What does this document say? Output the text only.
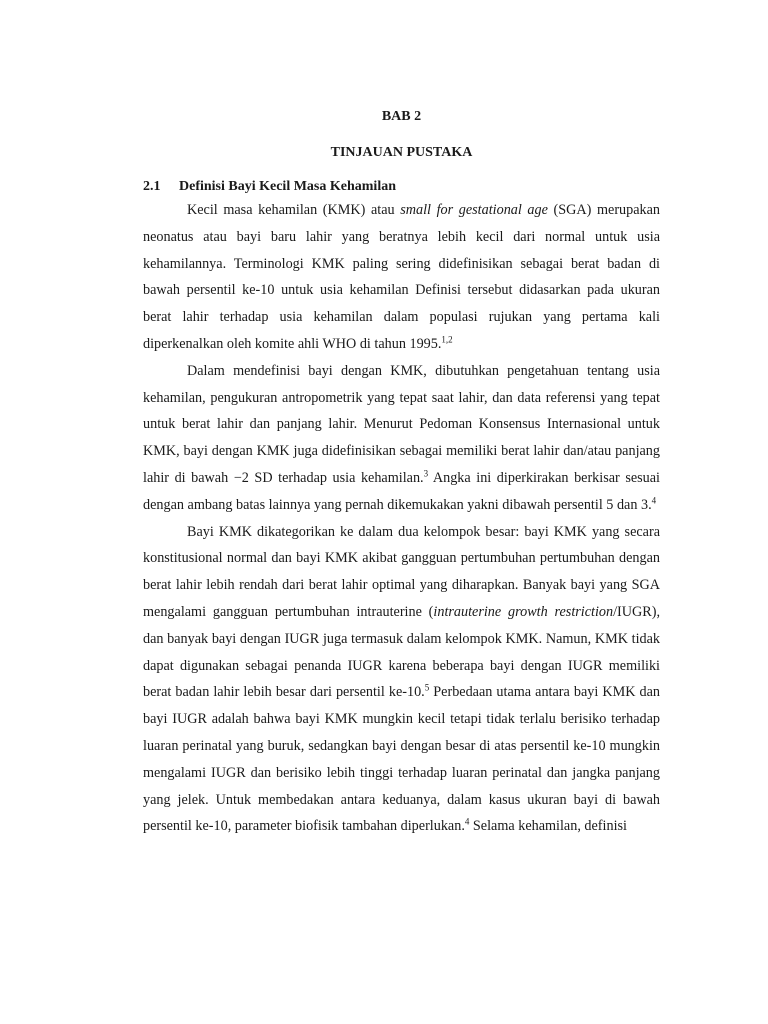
BAB 2

TINJAUAN PUSTAKA

2.1	Definisi Bayi Kecil Masa Kehamilan

Kecil masa kehamilan (KMK) atau small for gestational age (SGA) merupakan neonatus atau bayi baru lahir yang beratnya lebih kecil dari normal untuk usia kehamilannya. Terminologi KMK paling sering didefinisikan sebagai berat badan di bawah persentil ke-10 untuk usia kehamilan Definisi tersebut didasarkan pada ukuran berat lahir terhadap usia kehamilan dalam populasi rujukan yang pertama kali diperkenalkan oleh komite ahli WHO di tahun 1995.$^{1,2}$

Dalam mendefinisi bayi dengan KMK, dibutuhkan pengetahuan tentang usia kehamilan, pengukuran antropometrik yang tepat saat lahir, dan data referensi yang tepat untuk berat lahir dan panjang lahir. Menurut Pedoman Konsensus Internasional untuk KMK, bayi dengan KMK juga didefinisikan sebagai memiliki berat lahir dan/atau panjang lahir di bawah −2 SD terhadap usia kehamilan.$^3$ Angka ini diperkirakan berkisar sesuai dengan ambang batas lainnya yang pernah dikemukakan yakni dibawah persentil 5 dan 3.$^4$

Bayi KMK dikategorikan ke dalam dua kelompok besar: bayi KMK yang secara konstitusional normal dan bayi KMK akibat gangguan pertumbuhan pertumbuhan dengan berat lahir lebih rendah dari berat lahir optimal yang diharapkan. Banyak bayi yang SGA mengalami gangguan pertumbuhan intrauterine (intrauterine growth restriction/IUGR), dan banyak bayi dengan IUGR juga termasuk dalam kelompok KMK. Namun, KMK tidak dapat digunakan sebagai penanda IUGR karena beberapa bayi dengan IUGR memiliki berat badan lahir lebih besar dari persentil ke-10.$^5$ Perbedaan utama antara bayi KMK dan bayi IUGR adalah bahwa bayi KMK mungkin kecil tetapi tidak terlalu berisiko terhadap luaran perinatal yang buruk, sedangkan bayi dengan besar di atas persentil ke-10 mungkin mengalami IUGR dan berisiko lebih tinggi terhadap luaran perinatal dan jangka panjang yang jelek. Untuk membedakan antara keduanya, dalam kasus ukuran bayi di bawah persentil ke-10, parameter biofisik tambahan diperlukan.$^4$ Selama kehamilan, definisi
